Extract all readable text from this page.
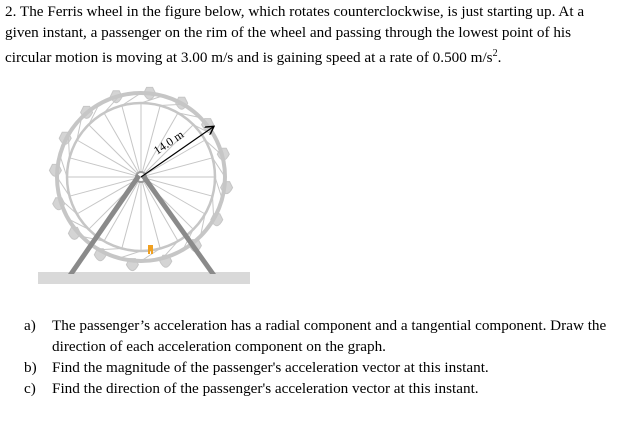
2. The Ferris wheel in the figure below, which rotates counterclockwise, is just starting up. At a given instant, a passenger on the rim of the wheel and passing through the lowest point of his circular motion is moving at 3.00 m/s and is gaining speed at a rate of 0.500 $m/s^2$.
14.0 m
a)	The passenger’s acceleration has a radial component and a tangential component. Draw the direction of each acceleration component on the graph.
b)	Find the magnitude of the passenger's acceleration vector at this instant.
c)	Find the direction of the passenger's acceleration vector at this instant.
